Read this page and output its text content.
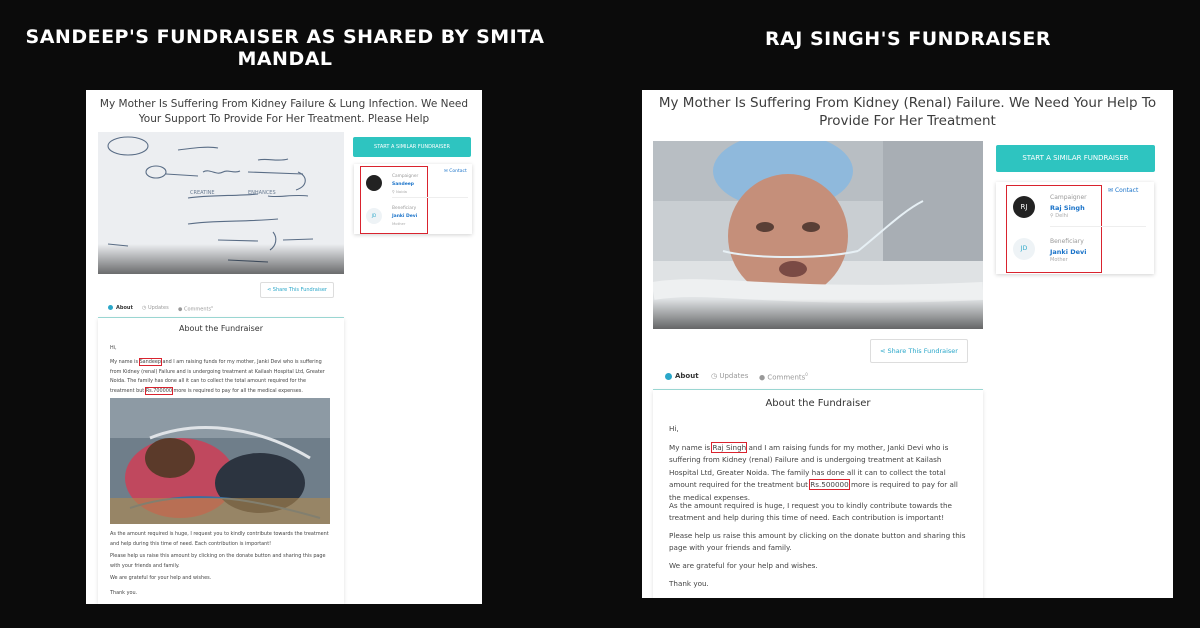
SANDEEP'S FUNDRAISER AS SHARED BY SMITA MANDAL
RAJ SINGH'S FUNDRAISER
My Mother Is Suffering From Kidney Failure & Lung Infection. We Need Your Support To Provide For Her Treatment. Please Help
CREATINE	ENHANCES
START A SIMILAR FUNDRAISER
✉ Contact
Campaigner
Sandeep
⚲ Noida
JD
Beneficiary
Janki Devi
Mother
⋖ Share This Fundraiser
About ◷ Updates ● Comments$^0$
About the Fundraiser

Hi,

My name is Sandeep and I am raising funds for my mother, Janki Devi who is suffering from Kidney (renal) Failure and is undergoing treatment at Kailash Hospital Ltd, Greater Noida. The family has done all it can to collect the total amount required for the treatment but Rs.700000 more is required to pay for all the medical expenses.

As the amount required is huge, I request you to kindly contribute towards the treatment and help during this time of need. Each contribution is important!

Please help us raise this amount by clicking on the donate button and sharing this page with your friends and family.

We are grateful for your help and wishes.

Thank you.

My Mother Is Suffering From Kidney (Renal) Failure. We Need Your Help To Provide For Her Treatment
START A SIMILAR FUNDRAISER
✉ Contact
RJ
Campaigner
Raj Singh
⚲ Delhi
JD
Beneficiary
Janki Devi
Mother
⋖ Share This Fundraiser
About ◷ Updates ● Comments$^0$
About the Fundraiser

Hi,

My name is Raj Singh and I am raising funds for my mother, Janki Devi who is suffering from Kidney (renal) Failure and is undergoing treatment at Kailash Hospital Ltd, Greater Noida. The family has done all it can to collect the total amount required for the treatment but Rs.500000 more is required to pay for all the medical expenses.

As the amount required is huge, I request you to kindly contribute towards the treatment and help during this time of need. Each contribution is important!

Please help us raise this amount by clicking on the donate button and sharing this page with your friends and family.

We are grateful for your help and wishes.

Thank you.
